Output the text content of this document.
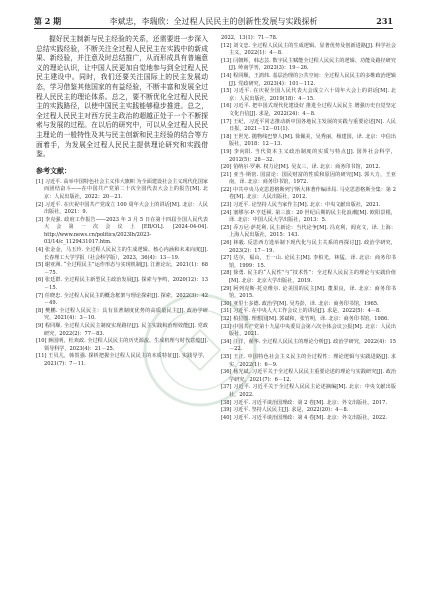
第 2 期	李斌忠，李瑞欣：全过程人民民主的创新性发展与实践探析	231

握好民主制新与民主经验的关系，还需要进一步深入总结实践经验，不断关注全过程人民民主在实践中的新成果、新经验，并注意及时总结推广，从而形成具有普遍意义的理论认识，让中国人民更加自觉地参与到全过程人民民主建设中。同时，我们还要关注国际上的民主发展动态，学习借鉴其他国家的有益经验，不断丰富和发展全过程人民民主的理论体系。总之，要不断优化全过程人民民主的实践路径，以使中国民主实践能够稳步推进。总之，全过程人民民主对西方民主政治的超越正处于一个不断探索与发展的过程。在以后的研究中，可以从全过程人民民主理论的一般特性及其与民主创新和民主经验的结合等方面着手，为发展全过程人民民主提供理论研究和实践借鉴。

参考文献：

[1] 习近平. 高举中国特色社会主义伟大旗帜 为全面建设社会主义现代化国家而团结奋斗——在中国共产党第二十次全国代表大会上的报告[M]. 北京：人民出版社，2022：20－21.

[2] 习近平. 在庆祝中国共产党成立 100 周年大会上的讲话[M]. 北京：人民出版社，2021：9.

[3] 李克强. 政府工作报告——2023 年 3 月 5 日在第十四届全国人民代表大会第一次会议上[EB/OL]. [2024-04-04]. http://www.news.cn/politics/2023lh/2023-03/14/c_1129431017.htm.

[4] 张金金，马玉玲. 全过程人民民主的生成逻辑、核心内涵和未来向度[J]. 长春理工大学学报（社会科学版），2023，36(4)：13－19.

[5] 谢亚洲. “全过程民主”运作形态与实现机制[J]. 江淮论坛，2021(1)：68－75.

[6] 张廷群. 全过程民主新型民主政治发展[J]. 探索与争鸣，2020(12)：13－15.

[7] 任晓忠. 全过程人民民主的概念框架与理论探索[J]. 探索，2022(3)：42－49.

[8] 樊鹏. 全过程人民民主：具有显著制度优势的高质量民主[J]. 政治学研究，2021(4)：3－10.

[9] 程同顺. 全过程人民民主制度实现路径[J]. 民主实践和治理效能[J]. 党政研究，2022(2)：77－83.

[10] 蒋国明，杜欢政. 全过程人民民主的历史源流、生成机理与时代意蕴[J]. 领导科学，2023(4)：21－25.

[11] 王贝儿，韩贺强. 探析把握全过程人民民主的本质特征[J]. 实践导学，2021(7)：7－11.

2022，13(1)：71－78.

[12] 刘文忠. 全过程人民民主的生成逻辑、显著优势及创新进路[J]. 科学社会主义，2022(1)：4－8.

[13] 闫朝辉，韩志芸. 数字民主赋能全过程人民民主的逻辑、功能及路径研究[J]. 岭南学刊，2023(3)：19－26.

[14] 程同顺，王鸿炜. 基层治理的公共空间：全过程人民民主的多维政治逻辑[J]. 党政研究，2023(4)：101－112.

[15] 习近平. 在庆祝全国人民代表大会成立六十周年大会上的讲话[M]. 北京：人民出版社，2019(18)：4－15.

[16] 习近平. 把中国式现代化建设好 推进全过程人民民主 增强历史自觉坚定文化自信[J]. 求是，2022(24)：4－8.

[17] 王纪，习近平同志推动新中国各地民主发展的实践与重要论述[N]. 人民日报，2021－12－01(1).

[18] 王世光. 抛物线巴黎人[M]. 徐佩美，吴秀丽，杨建国，译. 北京：中信出版社，2018：12－13.

[19] 李向阳. 当代资本主义政治制度的实质与特点[J]. 国外社会科学，2012(5)：28－32.

[20] 伯纳尔·罗素. 权力论[M]. 吴友三，译. 北京：商务印书馆，2012.

[21] 亚当·斯密. 国富论：国民财富的性质和原因的研究[M]. 郭大力，王亚南，译. 北京：商务印书馆，1972.

[22] 中共中央马克思恩格斯列宁斯大林著作编译局. 马克思恩格斯全集：第 2 卷[M]. 北京：人民出版社，2012.

[23] 习近平. 论坚持人民当家作主[M]. 北京：中央文献出版社，2021.

[24] 塞缪尔·P·亨廷顿. 第三波：20 世纪后期的民主化浪潮[M]. 欧阳景根，译. 北京：中国人民大学出版社，2013：5.

[25] 乔万尼·萨托利. 民主新论：当代论争[M]. 冯克利，阎克文，译. 上海：上海人民出版社，2015：143.

[26] 林毅. 反思西方选举制下现代化与民主关系的再探讨[J]. 政治学研究，2023(2)：17－19.

[27] 达尔，福山，王一山. 论民主[M]. 李柏光，林猛，译. 北京：商务印书馆，1999：15.

[28] 徐勇. 民主的“人民性”与“技术性”：全过程人民民主的理论与实践价值[M]. 北京：北京大学出版社，2019.

[29] 阿列克斯·托克维尔. 论美国的民主[M]. 董果良，译. 北京：商务印书馆，2015.

[30] 亚里士多德. 政治学[M]. 吴寿彭，译. 北京：商务印书馆，1965.

[31] 习近平. 在中央人大工作会议上的讲话[J]. 求是，2022(5)：4－8.

[32] 柏拉图. 理想国[M]. 郭斌和，张竹明，译. 北京：商务印书馆，1986.

[33] 中国共产党第十九届中央委员会第六次全体会议公报[M]. 北京：人民出版社，2021.

[34] 汪洋，翟华. 全过程人民民主的理论分析[J]. 政治学研究，2022(4)：15－22.

[35] 王正. 中国特色社会主义民主的全过程性：理论逻辑与实践进路[J]. 求实，2022(1)：6－9.

[36] 杨光斌. 习近平关于全过程人民民主重要论述的理论与实践研究[J]. 政治学研究，2021(7)：6－12.

[37] 习近平. 习近平关于全过程人民民主论述摘编[M]. 北京：中央文献出版社，2022.

[38] 习近平. 习近平谈治国理政：第 2 卷[M]. 北京：外文出版社，2017.

[39] 习近平. 坚持人民民主[J]. 求是，2022(20)：4－8.

[40] 习近平. 习近平谈治国理政：第 4 卷[M]. 北京：外文出版社，2022.
